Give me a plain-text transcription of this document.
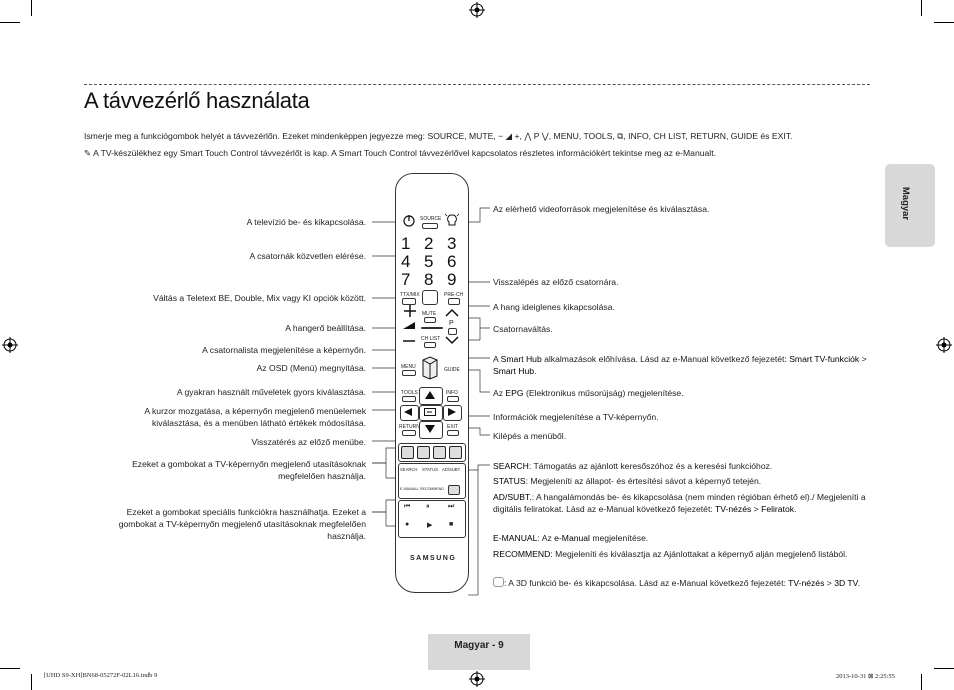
A távvezérlő használata
Ismerje meg a funkciógombok helyét a távvezérlőn. Ezeket mindenképpen jegyezze meg: SOURCE, MUTE, − ◢ +, ⋀ P ⋁, MENU, TOOLS, ⧉, INFO, CH LIST, RETURN, GUIDE és EXIT.
✎ A TV-készülékhez egy Smart Touch Control távvezérlőt is kap. A Smart Touch Control távvezérlővel kapcsolatos részletes információkért tekintse meg az e-Manualt.
Magyar
A televízió be- és kikapcsolása.
A csatornák közvetlen elérése.
Váltás a Teletext BE, Double, Mix vagy KI opciók között.
A hangerő beállítása.
A csatornalista megjelenítése a képernyőn.
Az OSD (Menü) megnyitása.
A gyakran használt műveletek gyors kiválasztása.
A kurzor mozgatása, a képernyőn megjelenő menüelemek kiválasztása, és a menüben látható értékek módosítása.
Visszatérés az előző menübe.
Ezeket a gombokat a TV-képernyőn megjelenő utasításoknak megfelelően használja.
Ezeket a gombokat speciális funkciókra használhatja. Ezeket a gombokat a TV-képernyőn megjelenő utasításoknak megfelelően használja.
Az elérhető videoforrások megjelenítése és kiválasztása.
Visszalépés az előző csatornára.
A hang ideiglenes kikapcsolása.
Csatornaváltás.
A Smart Hub alkalmazások előhívása. Lásd az e-Manual következő fejezetét: Smart TV-funkciók > Smart Hub.
Az EPG (Elektronikus műsorújság) megjelenítése.
Információk megjelenítése a TV-képernyőn.
Kilépés a menüből.
SEARCH: Támogatás az ajánlott keresőszóhoz és a keresési funkcióhoz.
STATUS: Megjeleníti az állapot- és értesítési sávot a képernyő tetején.
AD/SUBT.: A hangalámondás be- és kikapcsolása (nem minden régióban érhető el)./ Megjeleníti a digitális feliratokat. Lásd az e-Manual következő fejezetét: TV-nézés > Feliratok.
E-MANUAL: Az e-Manual megjelenítése.
RECOMMEND: Megjeleníti és kiválasztja az Ajánlottakat a képernyő alján megjelenő listából.
: A 3D funkció be- és kikapcsolása. Lásd az e-Manual következő fejezetét: TV-nézés > 3D TV.
SOURCE
1 2 3
4 5 6
7 8 9
TTX/MIX	PRE-CH
MUTE
P
CH LIST
MENU	GUIDE
TOOLS	INFO
RETURN	EXIT
SEARCH STATUS AD/SUBT.
E-MANUAL RECOMMEND
⏮ ⏸	⏭
●	▶ ■
SAMSUNG
Magyar - 9
[UHD S9-XH]BN68-05272F-02L16.indb 9	2013-10-31 ⊠ 2:25:55
